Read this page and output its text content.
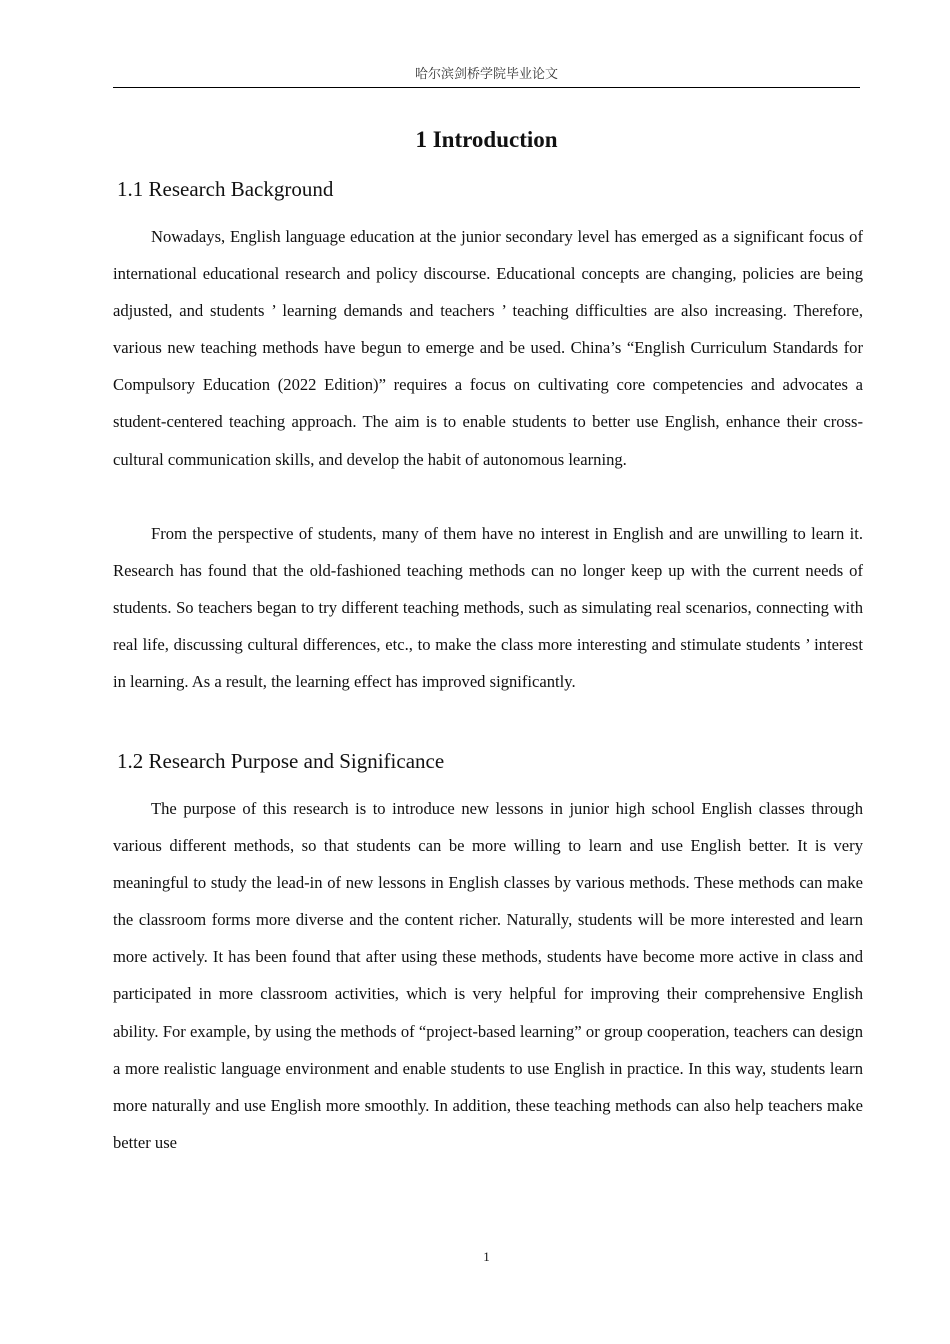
哈尔滨剑桥学院毕业论文
1 Introduction
1.1 Research Background

Nowadays, English language education at the junior secondary level has emerged as a significant focus of international educational research and policy discourse. Educational concepts are changing, policies are being adjusted, and students ’ learning demands and teachers ’ teaching difficulties are also increasing. Therefore, various new teaching methods have begun to emerge and be used. China’s “English Curriculum Standards for Compulsory Education (2022 Edition)” requires a focus on cultivating core competencies and advocates a student-centered teaching approach. The aim is to enable students to better use English, enhance their cross-cultural communication skills, and develop the habit of autonomous learning.

From the perspective of students, many of them have no interest in English and are unwilling to learn it. Research has found that the old-fashioned teaching methods can no longer keep up with the current needs of students. So teachers began to try different teaching methods, such as simulating real scenarios, connecting with real life, discussing cultural differences, etc., to make the class more interesting and stimulate students ’ interest in learning. As a result, the learning effect has improved significantly.

1.2 Research Purpose and Significance

The purpose of this research is to introduce new lessons in junior high school English classes through various different methods, so that students can be more willing to learn and use English better. It is very meaningful to study the lead-in of new lessons in English classes by various methods. These methods can make the classroom forms more diverse and the content richer. Naturally, students will be more interested and learn more actively. It has been found that after using these methods, students have become more active in class and participated in more classroom activities, which is very helpful for improving their comprehensive English ability. For example, by using the methods of “project-based learning” or group cooperation, teachers can design a more realistic language environment and enable students to use English in practice. In this way, students learn more naturally and use English more smoothly. In addition, these teaching methods can also help teachers make better use

1
